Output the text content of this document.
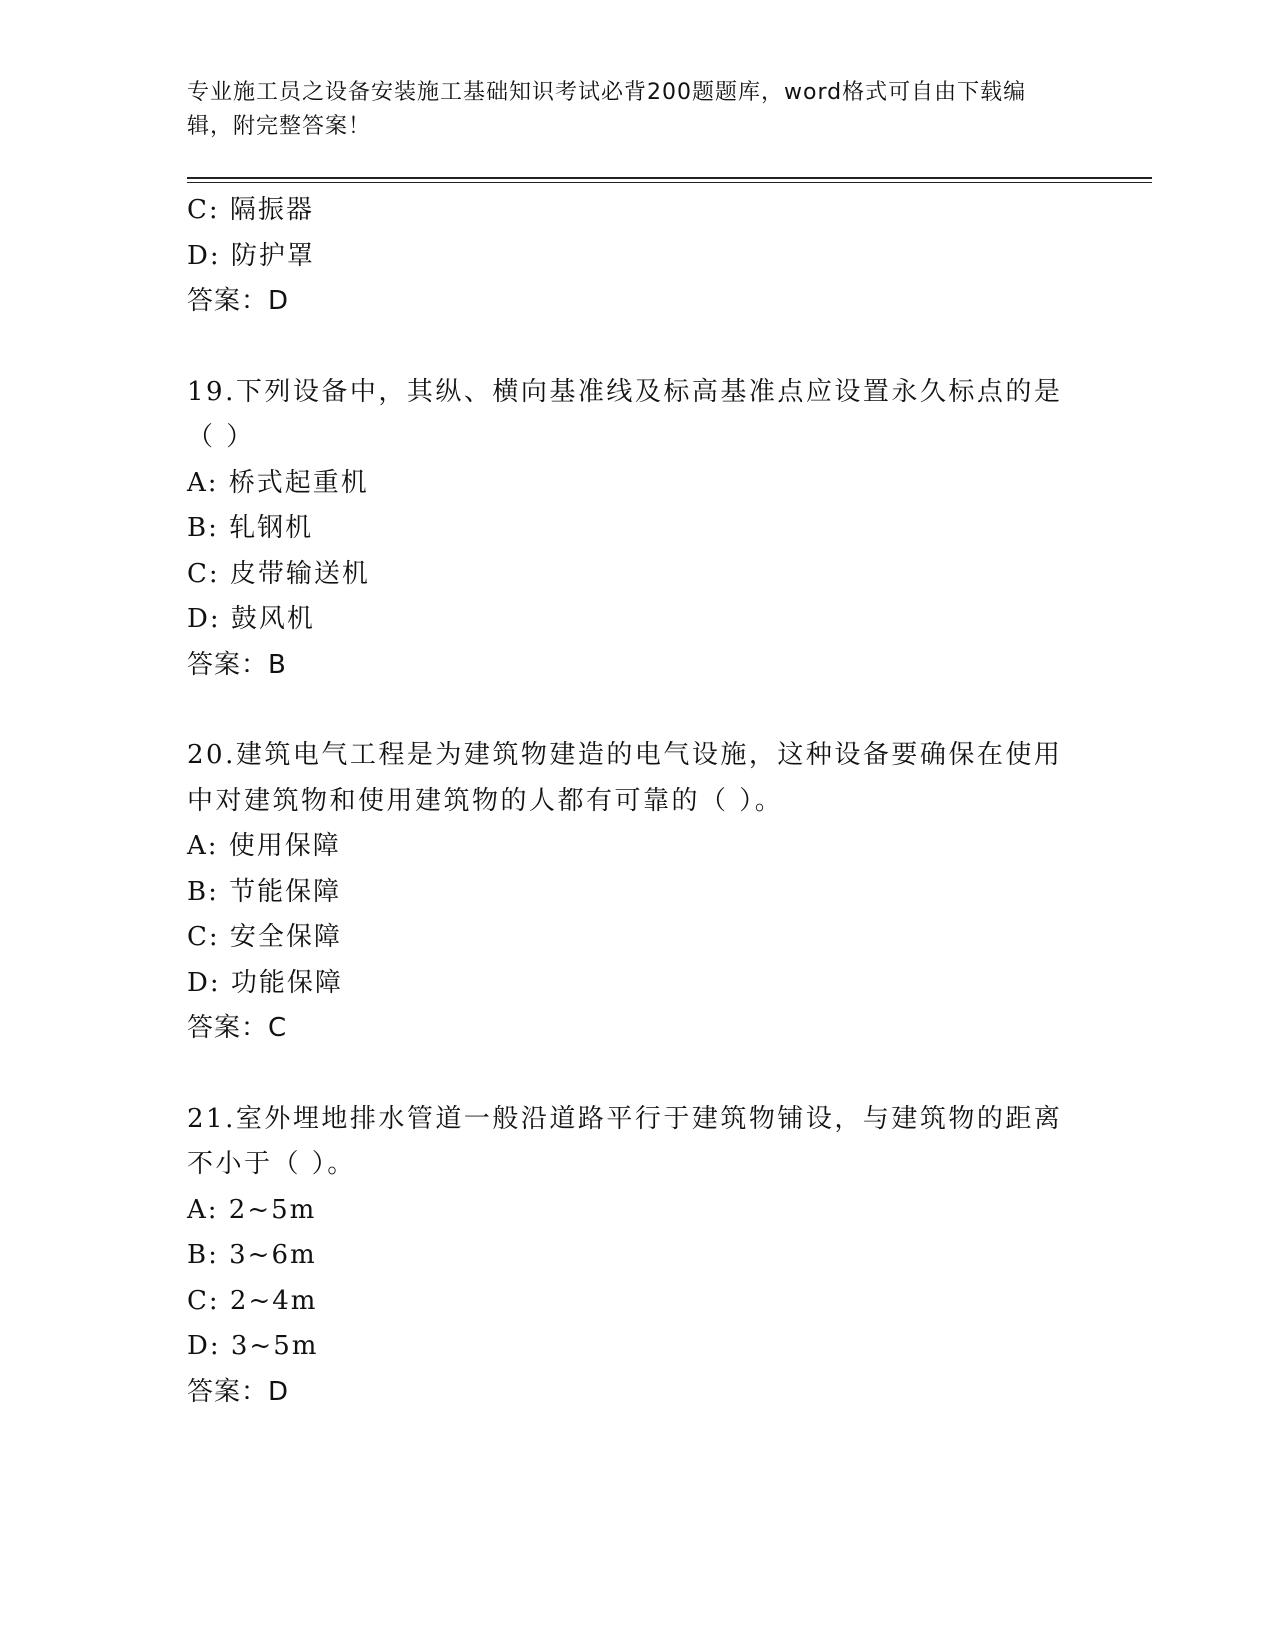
专业施工员之设备安装施工基础知识考试必背200题题库，word格式可自由下载编辑，附完整答案！
C: 隔振器
D: 防护罩
答案：D
19.下列设备中，其纵、横向基准线及标高基准点应设置永久标点的是（ ）
A: 桥式起重机
B: 轧钢机
C: 皮带输送机
D: 鼓风机
答案：B
20.建筑电气工程是为建筑物建造的电气设施，这种设备要确保在使用中对建筑物和使用建筑物的人都有可靠的（ ）。
A: 使用保障
B: 节能保障
C: 安全保障
D: 功能保障
答案：C
21.室外埋地排水管道一般沿道路平行于建筑物铺设，与建筑物的距离不小于（ ）。
A: 2~5m
B: 3~6m
C: 2~4m
D: 3~5m
答案：D
